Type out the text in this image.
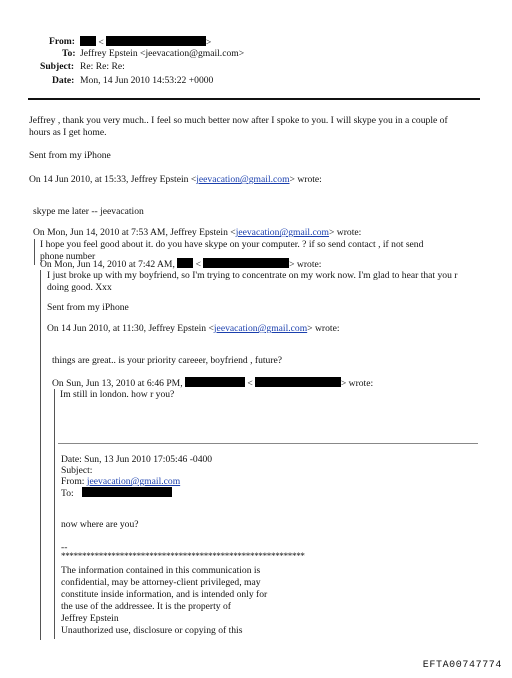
From:	<	>
To: Jeffrey Epstein <jeevacation@gmail.com>
Subject: Re: Re: Re:
Date: Mon, 14 Jun 2010 14:53:22 +0000
Jeffrey , thank you very much.. I feel so much better now after I spoke to you. I will skype you in a couple of
hours as I get home.
Sent from my iPhone
On 14 Jun 2010, at 15:33, Jeffrey Epstein <jeevacation@gmail.com> wrote:
skype me later -- jeevacation
On Mon, Jun 14, 2010 at 7:53 AM, Jeffrey Epstein <jeevacation@gmail.com> wrote:
I hope you feel good about it. do you have skype on your computer. ? if so send contact , if not send
phone number
On Mon, Jun 14, 2010 at 7:42 AM, <	> wrote:
I just broke up with my boyfriend, so I'm trying to concentrate on my work now. I'm glad to hear that you r
doing good. Xxx
Sent from my iPhone
On 14 Jun 2010, at 11:30, Jeffrey Epstein <jeevacation@gmail.com> wrote:
things are great.. is your priority careeer, boyfriend , future?
On Sun, Jun 13, 2010 at 6:46 PM,	<	> wrote:
Im still in london. how r you?
Date: Sun, 13 Jun 2010 17:05:46 -0400
Subject:
From: jeevacation@gmail.com
To:
now where are you?
--
**********************************************************
The information contained in this communication is
confidential, may be attorney-client privileged, may
constitute inside information, and is intended only for
the use of the addressee. It is the property of
Jeffrey Epstein
Unauthorized use, disclosure or copying of this
EFTA00747774
